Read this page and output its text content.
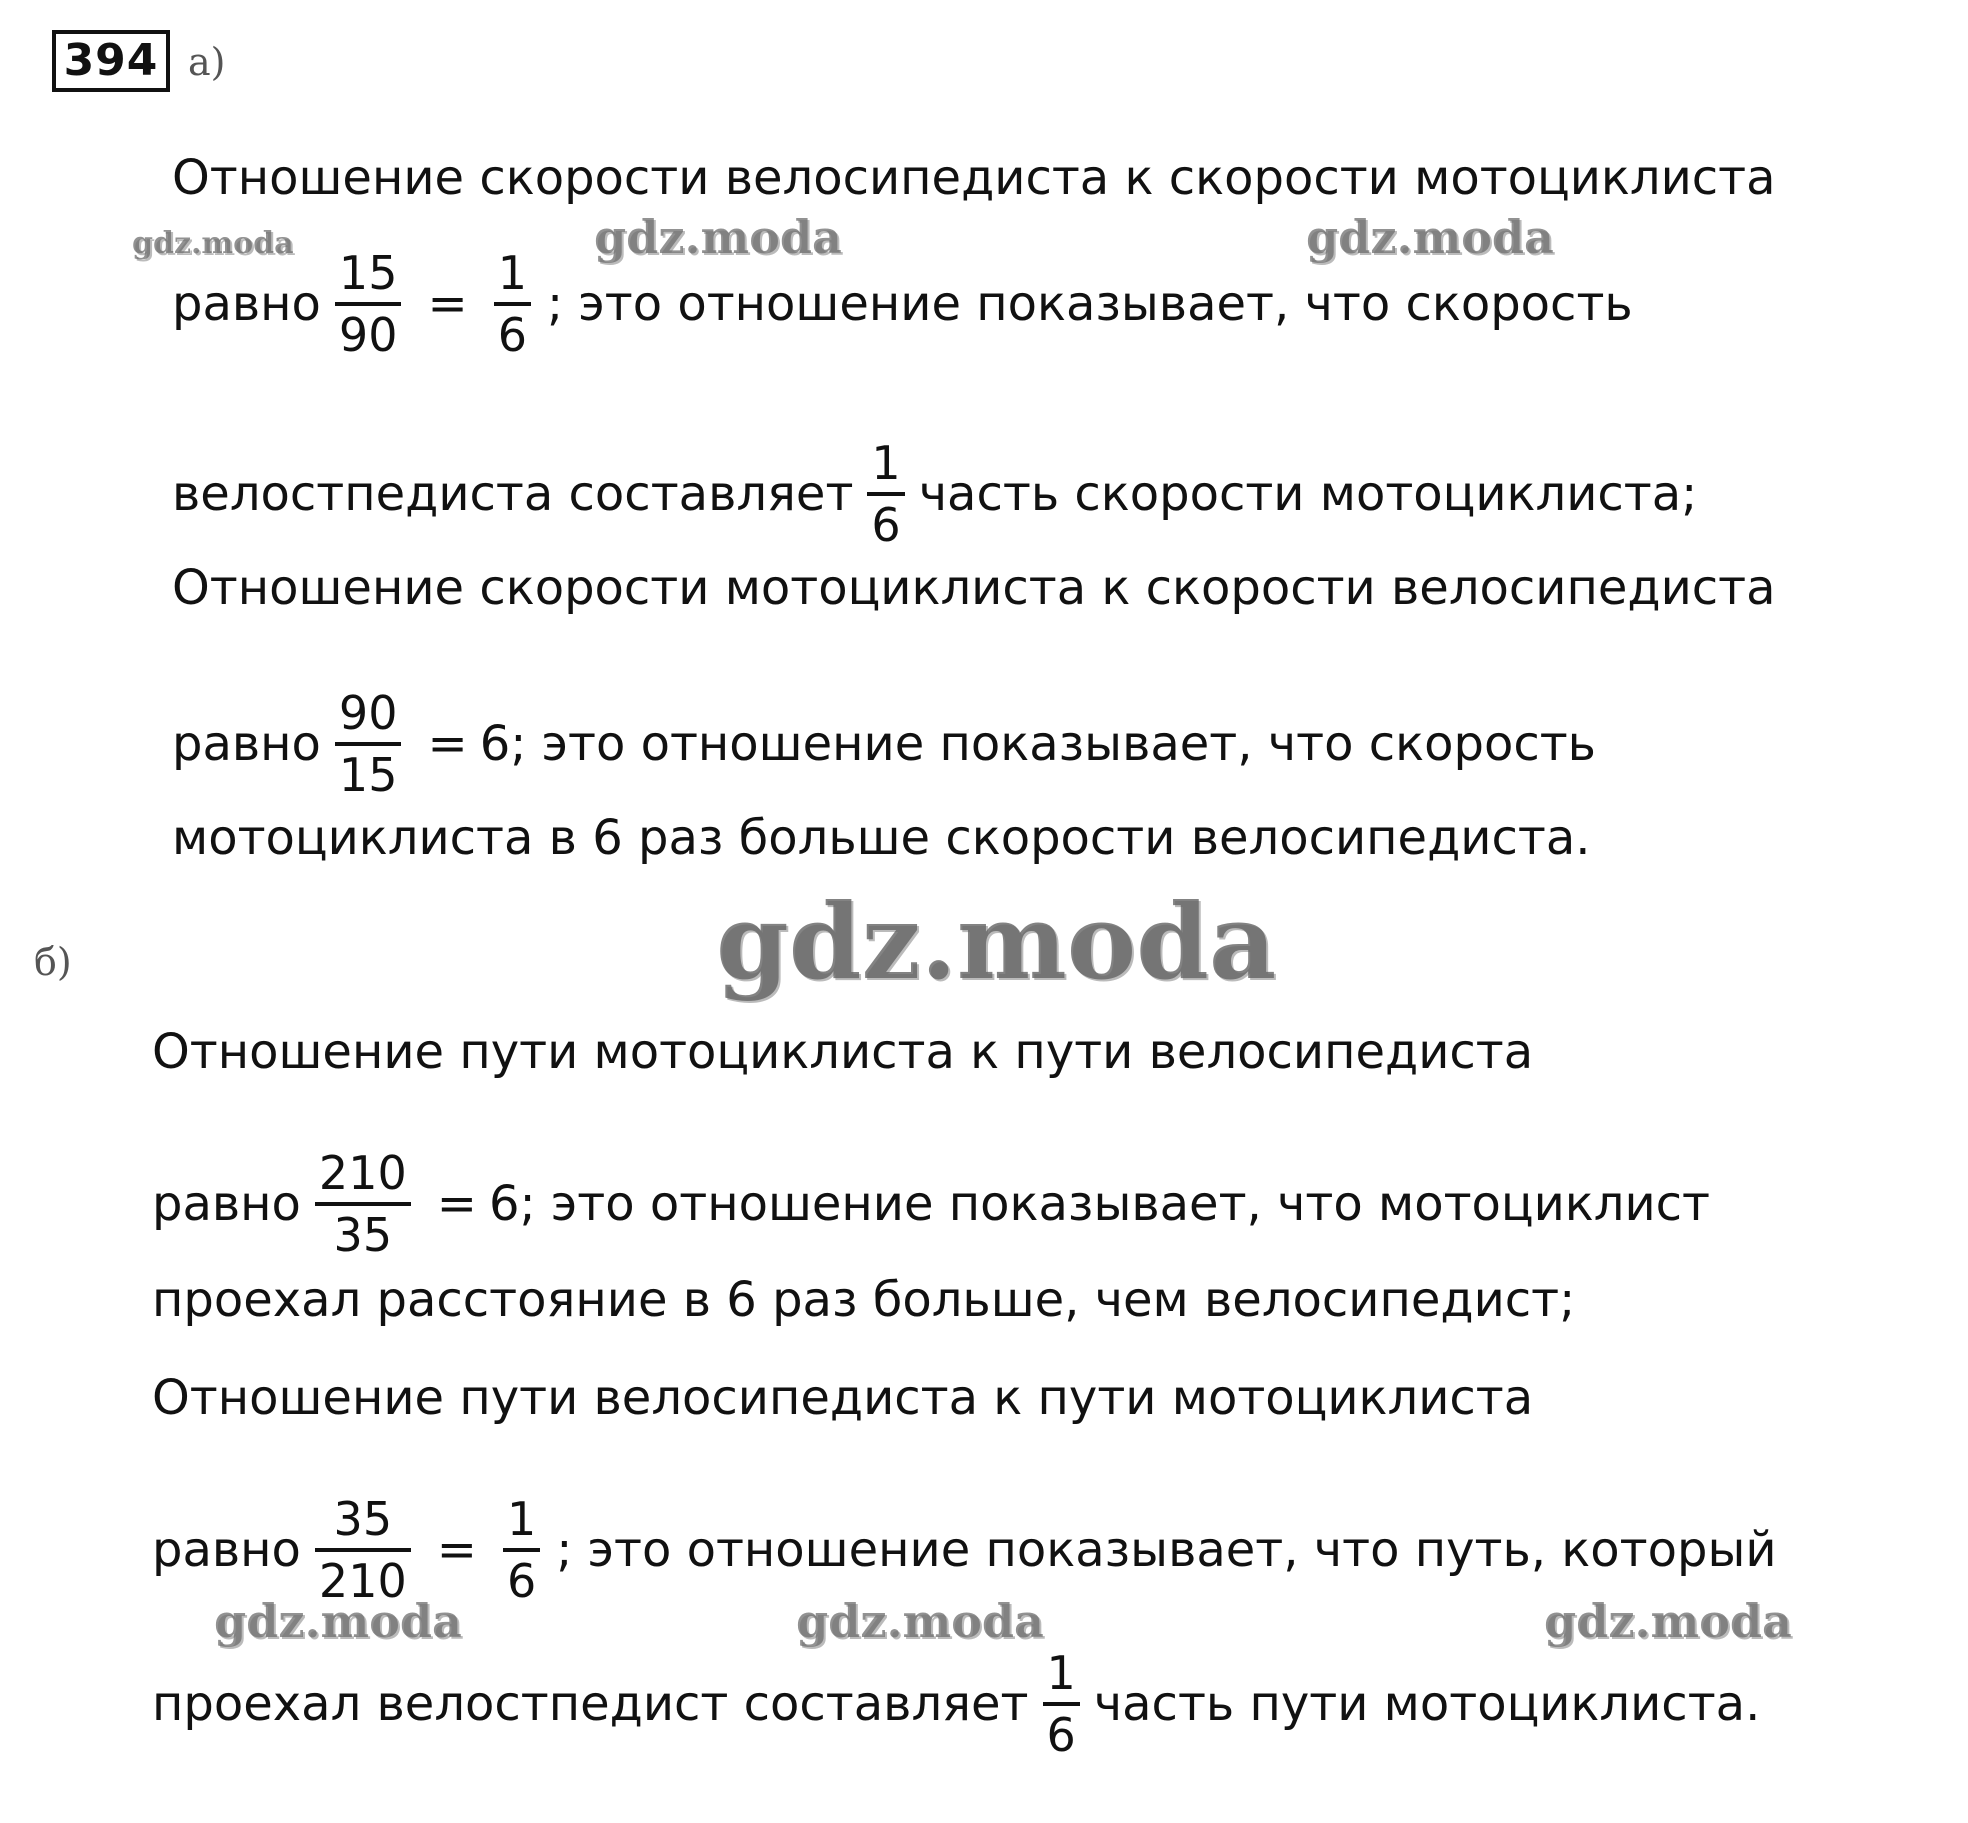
394 а)
б)
Отношение скорости велосипедиста к скорости мотоциклиста
равно $\frac{15}{90} = \frac{1}{6}$ ; это отношение показывает, что скорость
велостпедиста составляет $\frac{1}{6}$ часть скорости мотоциклиста;
Отношение скорости мотоциклиста к скорости велосипедиста
равно $\frac{90}{15} = 6$ ; это отношение показывает, что скорость
мотоциклиста в 6 раз больше скорости велосипедиста.
Отношение пути мотоциклиста к пути велосипедиста
равно $\frac{210}{35} = 6$ ; это отношение показывает, что мотоциклист
проехал расстояние в 6 раз больше, чем велосипедист;
Отношение пути велосипедиста к пути мотоциклиста
равно $\frac{35}{210} = \frac{1}{6}$ ; это отношение показывает, что путь, который
проехал велостпедист составляет $\frac{1}{6}$ часть пути мотоциклиста.
gdz.moda	gdz.moda	gdz.moda
gdz.moda
gdz.moda	gdz.moda	gdz.moda
